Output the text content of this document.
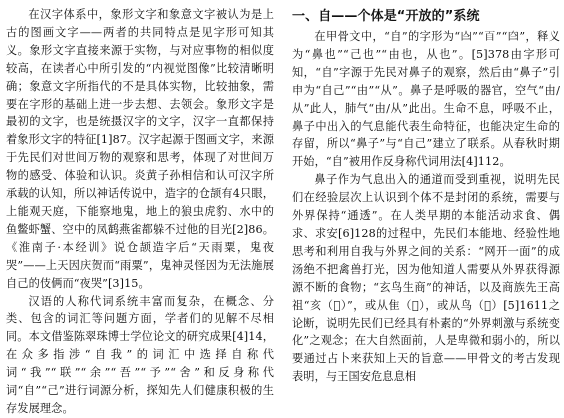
在汉字体系中，象形文字和象意文字被认为是上古的图画文字——两者的共同特点是见字形可知其义。象形文字直接来源于实物，与对应事物的相似度较高，在读者心中所引发的“内视觉图像”比较清晰明确；象意文字所指代的不是具体实物，比较抽象，需要在字形的基础上进一步去想、去领会。象形文字是最初的文字，也是统摄汉字的文字，汉字一直都保持着象形文字的特征[1]87。汉字起源于图画文字，来源于先民们对世间万物的观察和思考，体现了对世间万物的感受、体验和认识。炎黄子孙相信和认可汉字所承载的认知，所以神话传说中，造字的仓颉有4只眼，上能观天庭，下能察地鬼，地上的狼虫虎豹、水中的鱼鳖虾蟹、空中的凤鹤燕雀都躲不过他的目光[2]86。《淮南子·本经训》说仓颉造字后“天雨粟，鬼夜哭”——上天因庆贺而“雨粟”，鬼神灵怪因为无法施展自己的伎俩而“夜哭”[3]15。

汉语的人称代词系统丰富而复杂，在概念、分类、包含的词汇等问题方面，学者们的见解不尽相同。本文借鉴陈翠珠博士学位论文的研究成果[4]14，在众多指涉“自我”的词汇中选择自称代词“我”“联”“余”“吾”“予”“舍”和反身称代词“自”“己”进行词源分析，探知先人们健康积极的生存发展理念。

一、自——个体是“开放的”系统

在甲骨文中，“自”的字形为“𦣹”“𦣻”“𦣼”，释义为“鼻也”“己也”“由也，从也”。[5]378由字形可知，“自”字源于先民对鼻子的观察，然后由“鼻子”引申为“自己”“由”“从”。鼻子是呼吸的器官，空气“由/从”此人，肺气“由/从”此出。生命不息，呼吸不止，鼻子中出入的气息能代表生命特征，也能决定生命的存留，所以“鼻子”与“自己”建立了联系。从春秋时期开始，“自”被用作反身称代词用法[4]112。

鼻子作为气息出入的通道而受到重视，说明先民们在经验层次上认识到个体不是封闭的系统，需要与外界保持“通透”。在人类早期的本能活动求食、偶求、求安[6]128的过程中，先民们本能地、经验性地思考和利用自我与外界之间的关系：“网开一面”的成汤绝不把禽兽打光，因为他知道人需要从外界获得源源不断的食物；“玄鸟生商”的神话，以及商族先王高祖“亥（𤕫）”，或从隹（𨾅），或从鸟（𩾔）[5]1611之论断，说明先民们已经具有朴素的“外界刺激与系统变化”之观念；在大自然面前，人是卑微和弱小的，所以要通过占卜来获知上天的旨意——甲骨文的考古发现表明，与王国安危息息相
